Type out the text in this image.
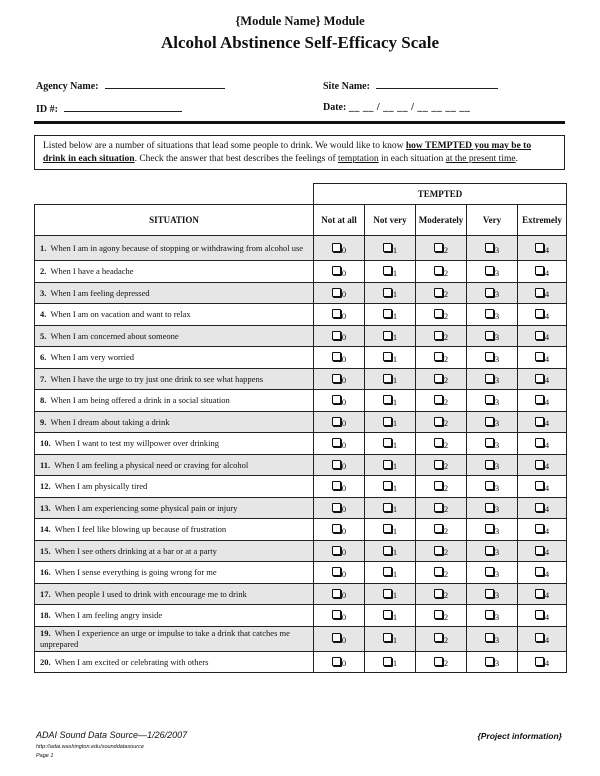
{Module Name} Module
Alcohol Abstinence Self-Efficacy Scale
Agency Name:	Site Name:
ID #:	Date: __ __ / __ __ / __ __ __ __
Listed below are a number of situations that lead some people to drink. We would like to know how TEMPTED you may be to drink in each situation. Check the answer that best describes the feelings of temptation in each situation at the present time.
	TEMPTED				
SITUATION	Not at all	Not very	Moderately	Very	Extremely
1. When I am in agony because of stopping or withdrawing from alcohol use	0	1	2	3	4
2. When I have a headache	0	1	2	3	4
3. When I am feeling depressed	0	1	2	3	4
4. When I am on vacation and want to relax	0	1	2	3	4
5. When I am concerned about someone	0	1	2	3	4
6. When I am very worried	0	1	2	3	4
7. When I have the urge to try just one drink to see what happens	0	1	2	3	4
8. When I am being offered a drink in a social situation	0	1	2	3	4
9. When I dream about taking a drink	0	1	2	3	4
10. When I want to test my willpower over drinking	0	1	2	3	4
11. When I am feeling a physical need or craving for alcohol	0	1	2	3	4
12. When I am physically tired	0	1	2	3	4
13. When I am experiencing some physical pain or injury	0	1	2	3	4
14. When I feel like blowing up because of frustration	0	1	2	3	4
15. When I see others drinking at a bar or at a party	0	1	2	3	4
16. When I sense everything is going wrong for me	0	1	2	3	4
17. When people I used to drink with encourage me to drink	0	1	2	3	4
18. When I am feeling angry inside	0	1	2	3	4
19. When I experience an urge or impulse to take a drink that catches me unprepared	0	1	2	3	4
20. When I am excited or celebrating with others	0	1	2	3	4
ADAI Sound Data Source—1/26/2007
http://adai.washington.edu/sounddatasource
Page 1
{Project information}
